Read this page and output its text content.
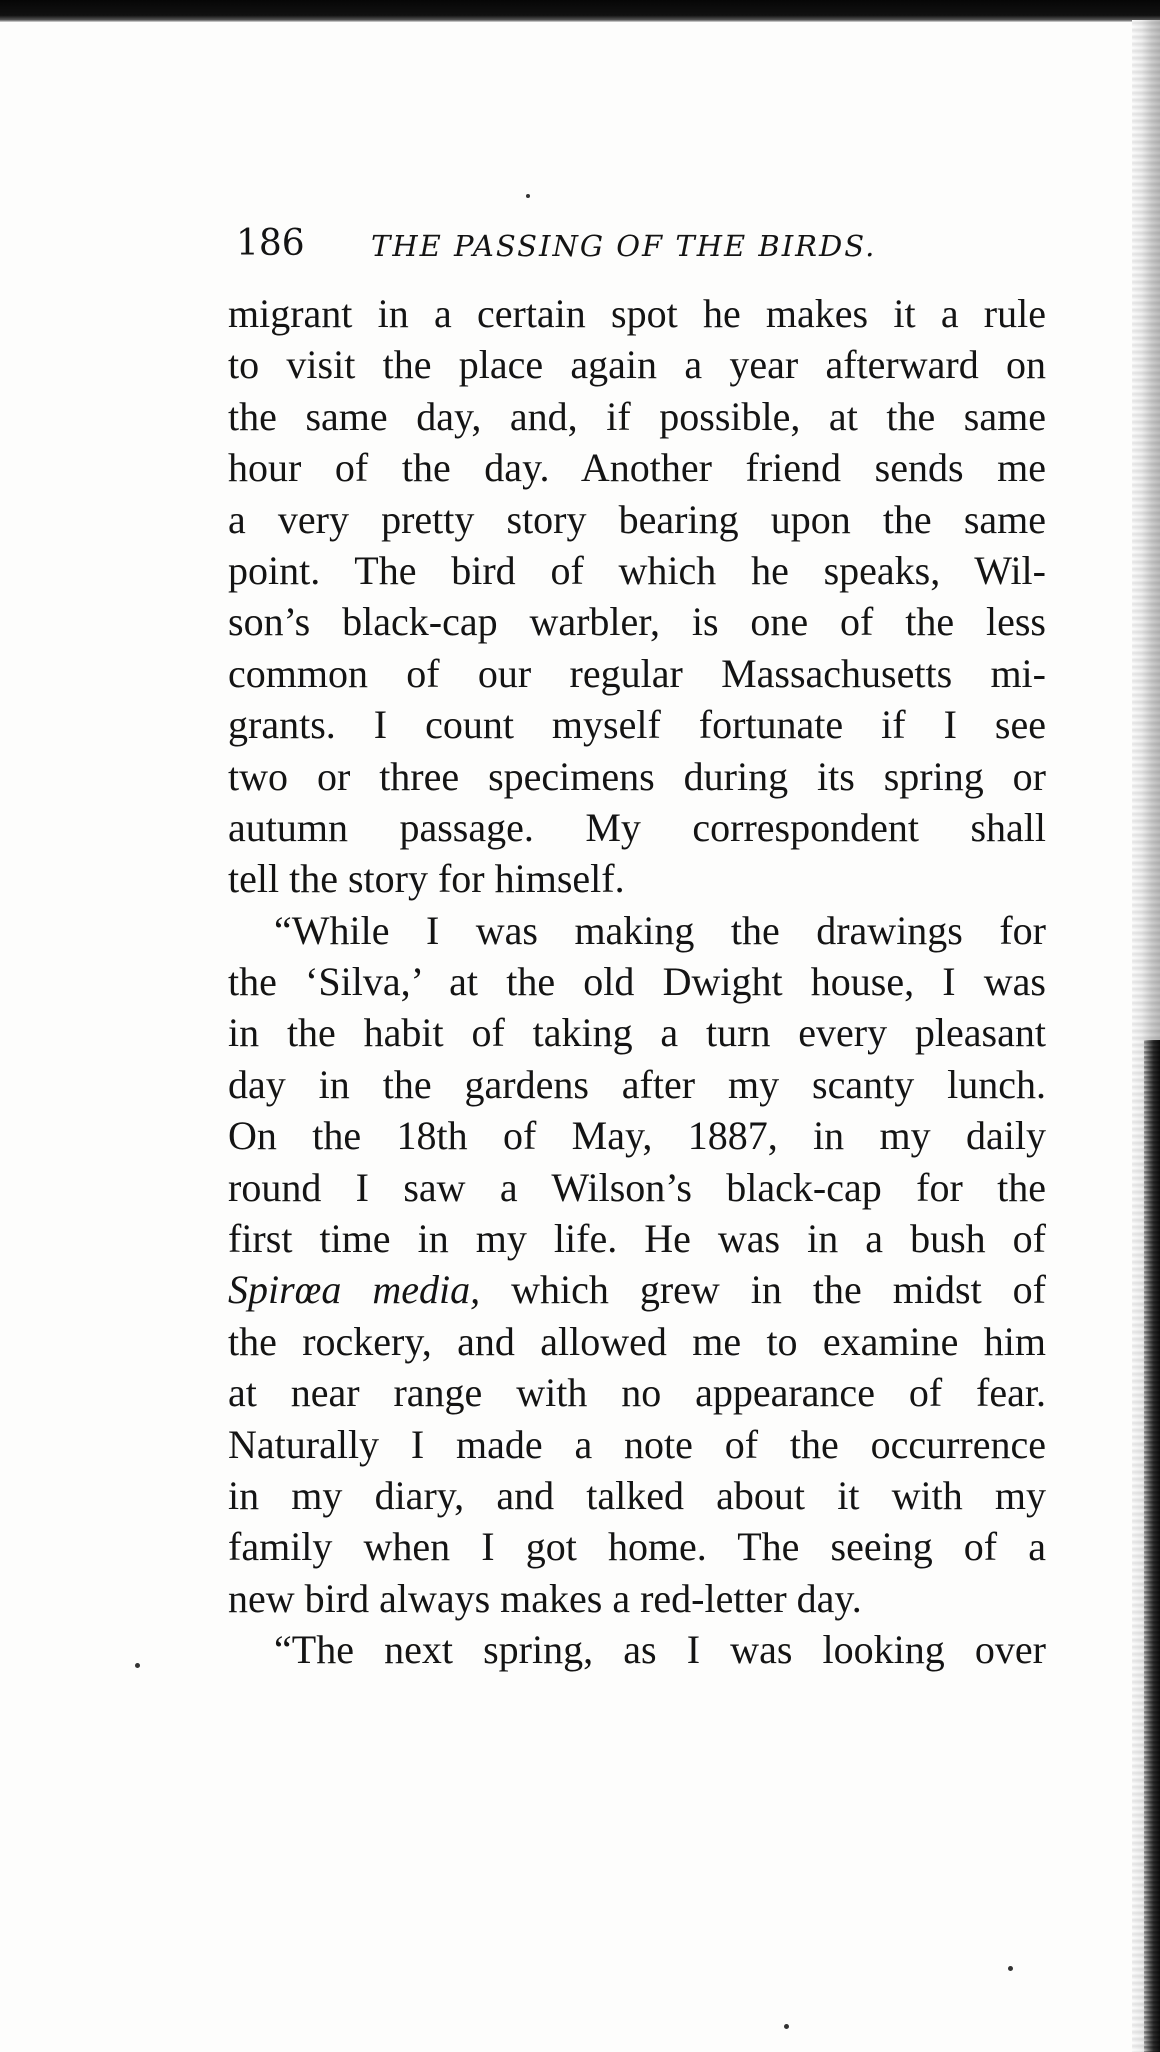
186 THE PASSING OF THE BIRDS.
migrant in a certain spot he makes it a rule
to visit the place again a year afterward on
the same day, and, if possible, at the same
hour of the day. Another friend sends me
a very pretty story bearing upon the same
point. The bird of which he speaks, Wil-
son’s black-cap warbler, is one of the less
common of our regular Massachusetts mi-
grants. I count myself fortunate if I see
two or three specimens during its spring or
autumn passage. My correspondent shall
tell the story for himself.
“While I was making the drawings for
the ‘Silva,’ at the old Dwight house, I was
in the habit of taking a turn every pleasant
day in the gardens after my scanty lunch.
On the 18th of May, 1887, in my daily
round I saw a Wilson’s black-cap for the
first time in my life. He was in a bush of
Spirœa media, which grew in the midst of
the rockery, and allowed me to examine him
at near range with no appearance of fear.
Naturally I made a note of the occurrence
in my diary, and talked about it with my
family when I got home. The seeing of a
new bird always makes a red-letter day.
“The next spring, as I was looking over
